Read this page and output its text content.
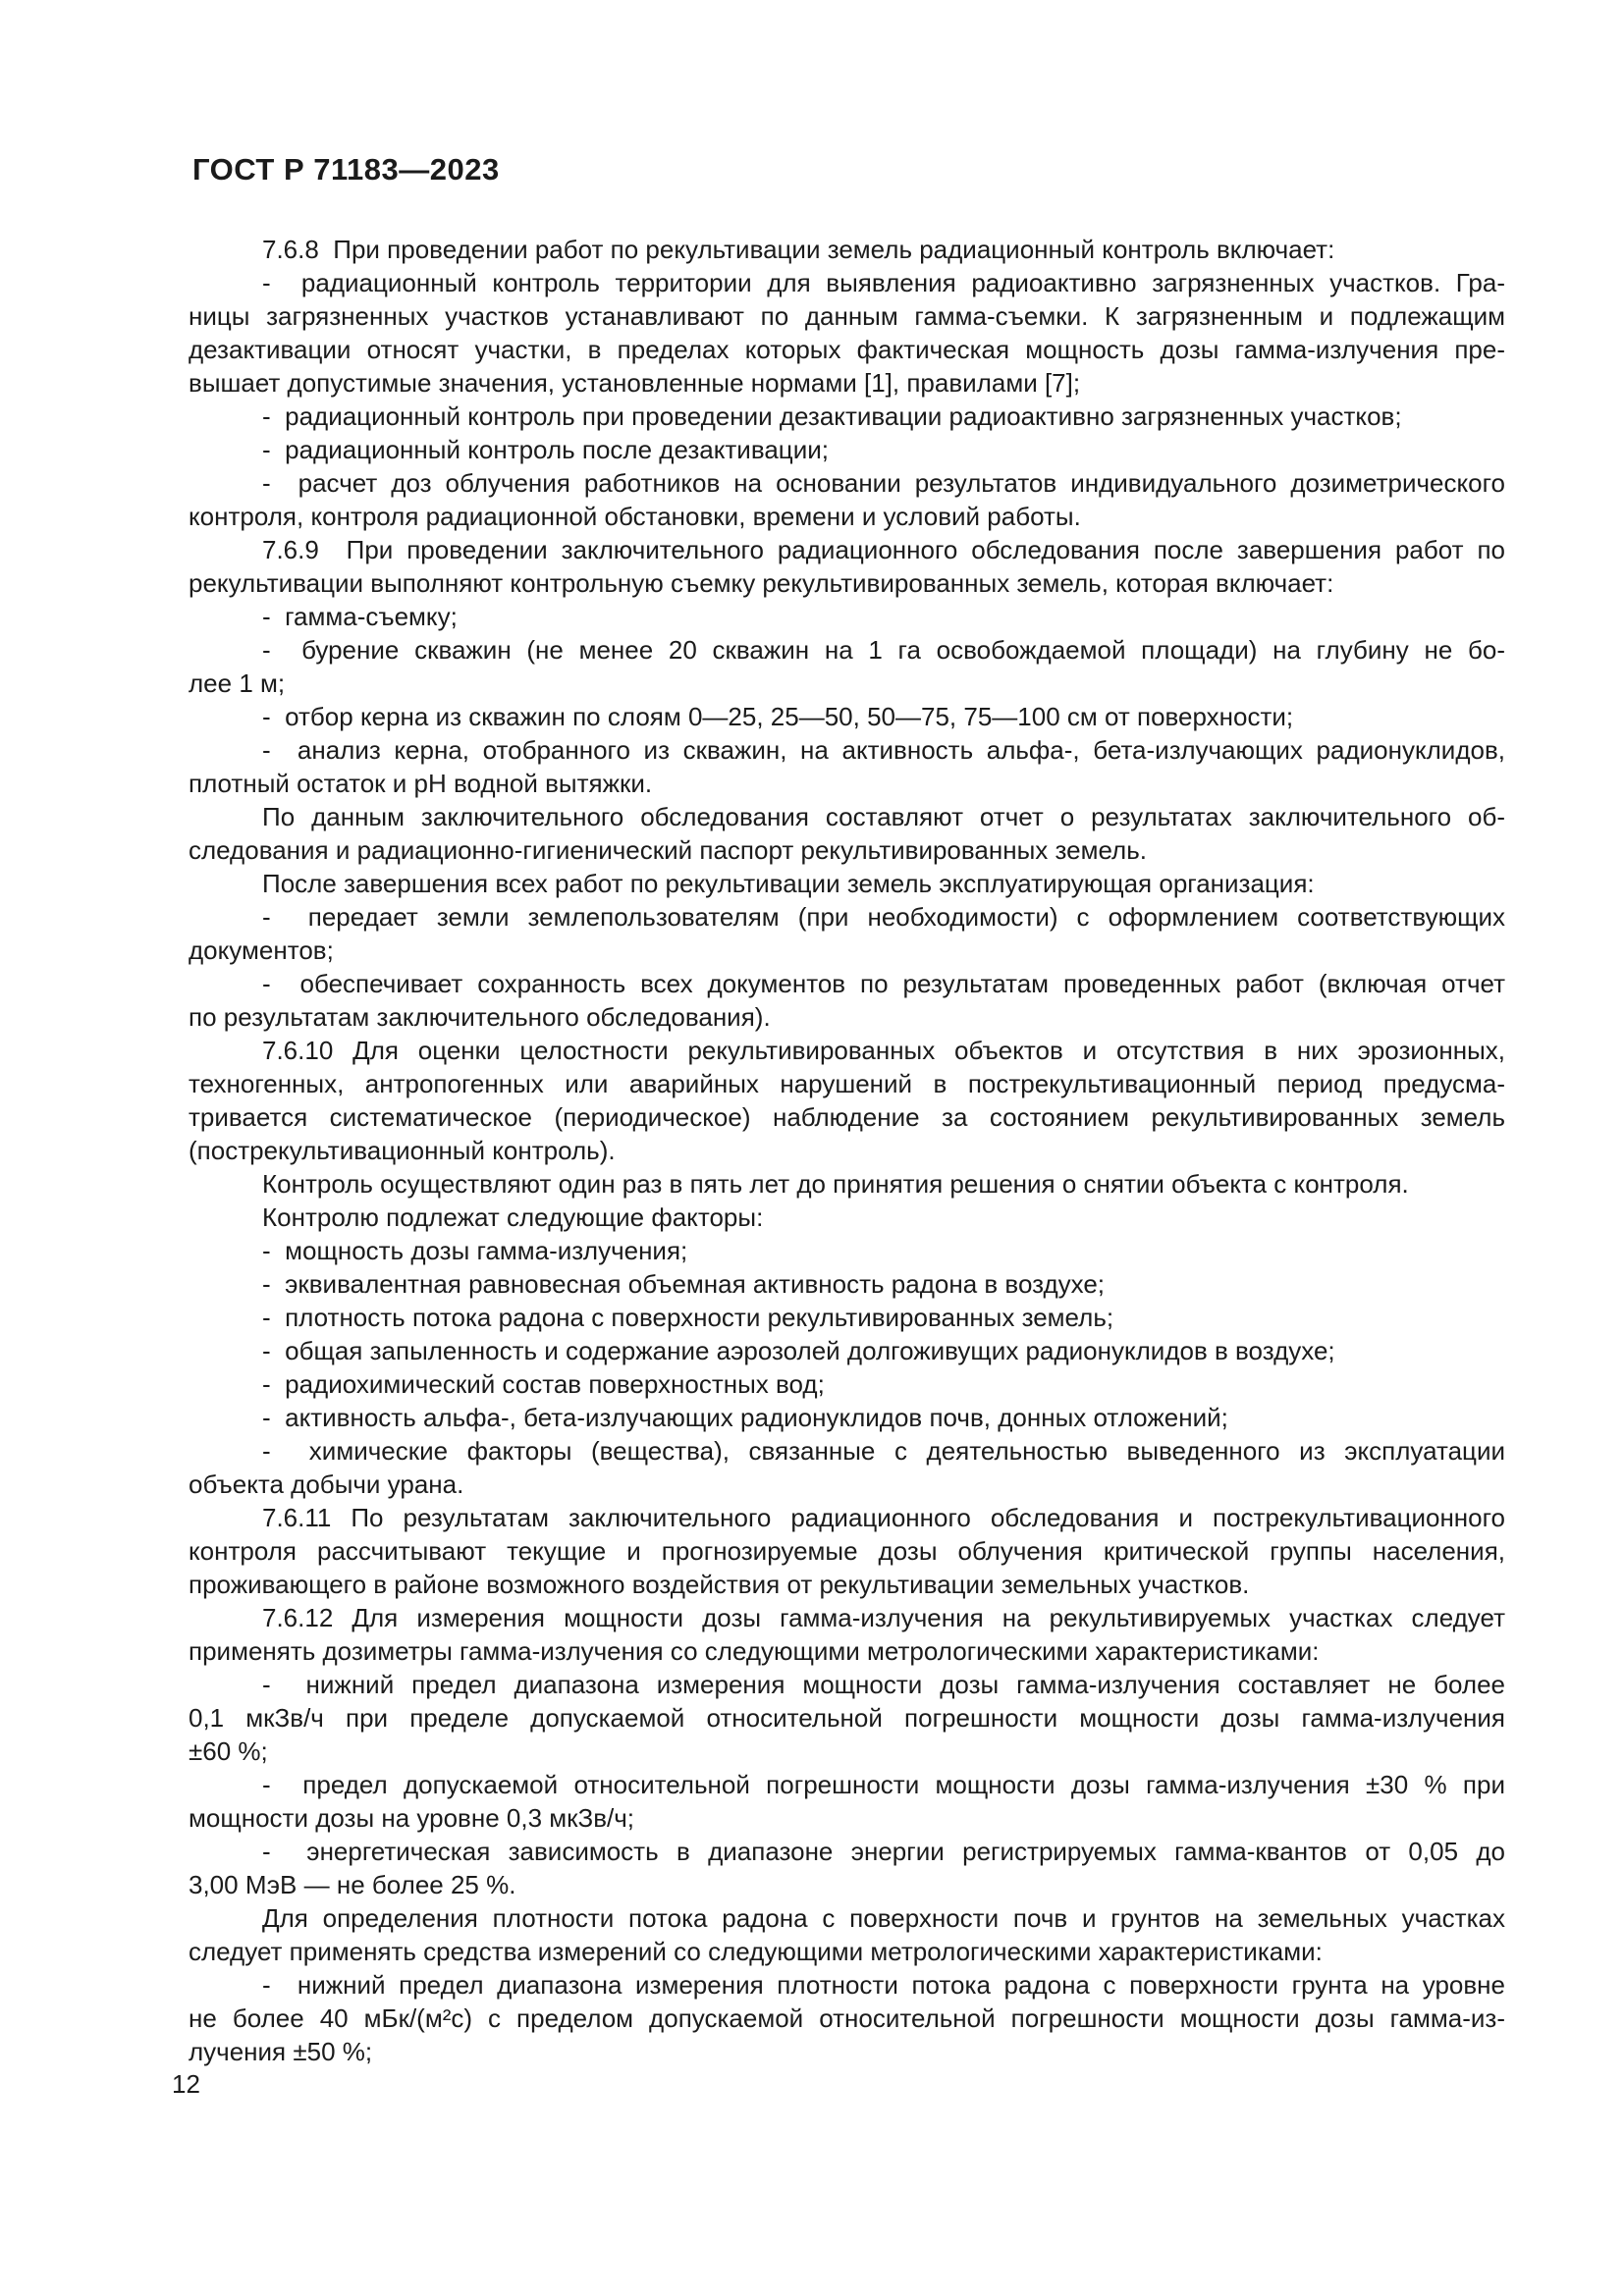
ГОСТ Р 71183—2023
7.6.8  При проведении работ по рекультивации земель радиационный контроль включает:
-  радиационный контроль территории для выявления радиоактивно загрязненных участков. Гра-
ницы загрязненных участков устанавливают по данным гамма-съемки. К загрязненным и подлежащим
дезактивации относят участки, в пределах которых фактическая мощность дозы гамма-излучения пре-
вышает допустимые значения, установленные нормами [1], правилами [7];
-  радиационный контроль при проведении дезактивации радиоактивно загрязненных участков;
-  радиационный контроль после дезактивации;
-  расчет доз облучения работников на основании результатов индивидуального дозиметрического
контроля, контроля радиационной обстановки, времени и условий работы.
7.6.9  При проведении заключительного радиационного обследования после завершения работ по
рекультивации выполняют контрольную съемку рекультивированных земель, которая включает:
-  гамма-съемку;
-  бурение скважин (не менее 20 скважин на 1 га освобождаемой площади) на глубину не бо-
лее 1 м;
-  отбор керна из скважин по слоям 0—25, 25—50, 50—75, 75—100 см от поверхности;
-  анализ керна, отобранного из скважин, на активность альфа-, бета-излучающих радионуклидов,
плотный остаток и pH водной вытяжки.
По данным заключительного обследования составляют отчет о результатах заключительного об-
следования и радиационно-гигиенический паспорт рекультивированных земель.
После завершения всех работ по рекультивации земель эксплуатирующая организация:
-  передает земли землепользователям (при необходимости) с оформлением соответствующих
документов;
-  обеспечивает сохранность всех документов по результатам проведенных работ (включая отчет
по результатам заключительного обследования).
7.6.10 Для оценки целостности рекультивированных объектов и отсутствия в них эрозионных,
техногенных, антропогенных или аварийных нарушений в пострекультивационный период предусма-
тривается систематическое (периодическое) наблюдение за состоянием рекультивированных земель
(пострекультивационный контроль).
Контроль осуществляют один раз в пять лет до принятия решения о снятии объекта с контроля.
Контролю подлежат следующие факторы:
-  мощность дозы гамма-излучения;
-  эквивалентная равновесная объемная активность радона в воздухе;
-  плотность потока радона с поверхности рекультивированных земель;
-  общая запыленность и содержание аэрозолей долгоживущих радионуклидов в воздухе;
-  радиохимический состав поверхностных вод;
-  активность альфа-, бета-излучающих радионуклидов почв, донных отложений;
-  химические факторы (вещества), связанные с деятельностью выведенного из эксплуатации
объекта добычи урана.
7.6.11 По результатам заключительного радиационного обследования и пострекультивационного
контроля рассчитывают текущие и прогнозируемые дозы облучения критической группы населения,
проживающего в районе возможного воздействия от рекультивации земельных участков.
7.6.12 Для измерения мощности дозы гамма-излучения на рекультивируемых участках следует
применять дозиметры гамма-излучения со следующими метрологическими характеристиками:
-  нижний предел диапазона измерения мощности дозы гамма-излучения составляет не более
0,1 мкЗв/ч при пределе допускаемой относительной погрешности мощности дозы гамма-излучения
±60 %;
-  предел допускаемой относительной погрешности мощности дозы гамма-излучения ±30 % при
мощности дозы на уровне 0,3 мкЗв/ч;
-  энергетическая зависимость в диапазоне энергии регистрируемых гамма-квантов от 0,05 до
3,00 МэВ — не более 25 %.
Для определения плотности потока радона с поверхности почв и грунтов на земельных участках
следует применять средства измерений со следующими метрологическими характеристиками:
-  нижний предел диапазона измерения плотности потока радона с поверхности грунта на уровне
не более 40 мБк/(м²с) с пределом допускаемой относительной погрешности мощности дозы гамма-из-
лучения ±50 %;
12
